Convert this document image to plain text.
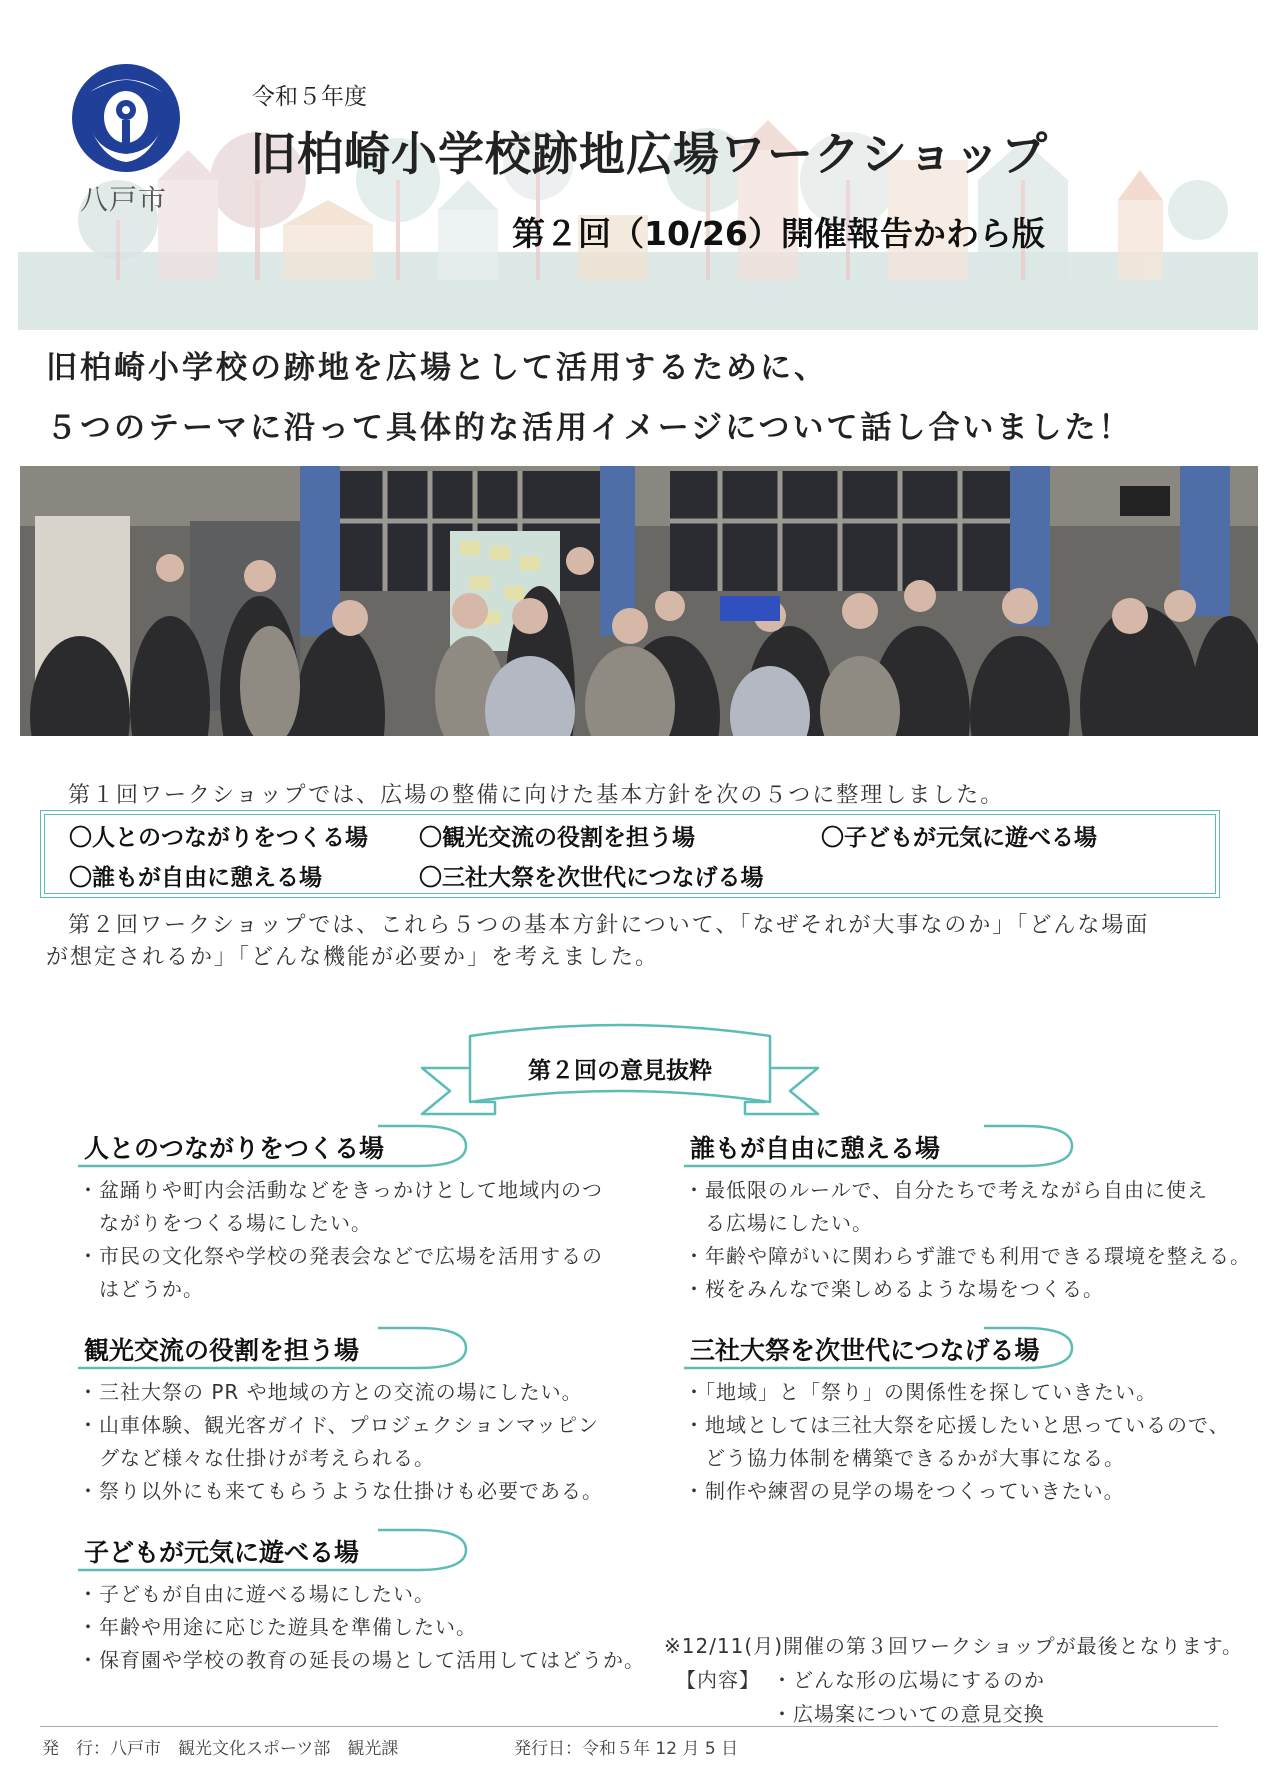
八戸市
令和５年度
旧柏崎小学校跡地広場ワークショップ
第２回（10/26）開催報告かわら版
旧柏崎小学校の跡地を広場として活用するために、
５つのテーマに沿って具体的な活用イメージについて話し合いました！
第１回ワークショップでは、広場の整備に向けた基本方針を次の５つに整理しました。
〇人とのつながりをつくる場 〇観光交流の役割を担う場	〇子どもが元気に遊べる場
〇誰もが自由に憩える場	〇三社大祭を次世代につなげる場
第２回ワークショップでは、これら５つの基本方針について、「なぜそれが大事なのか」「どんな場面
が想定されるか」「どんな機能が必要か」を考えました。
第２回の意見抜粋
人とのつながりをつくる場
・盆踊りや町内会活動などをきっかけとして地域内のつ
　ながりをつくる場にしたい。
・市民の文化祭や学校の発表会などで広場を活用するの
　はどうか。
観光交流の役割を担う場
・三社大祭の PR や地域の方との交流の場にしたい。
・山車体験、観光客ガイド、プロジェクションマッピン
　グなど様々な仕掛けが考えられる。
・祭り以外にも来てもらうような仕掛けも必要である。
子どもが元気に遊べる場
・子どもが自由に遊べる場にしたい。
・年齢や用途に応じた遊具を準備したい。
・保育園や学校の教育の延長の場として活用してはどうか。
誰もが自由に憩える場
・最低限のルールで、自分たちで考えながら自由に使え
　る広場にしたい。
・年齢や障がいに関わらず誰でも利用できる環境を整える。
・桜をみんなで楽しめるような場をつくる。
三社大祭を次世代につなげる場
・「地域」と「祭り」の関係性を探していきたい。
・地域としては三社大祭を応援したいと思っているので、
　どう協力体制を構築できるかが大事になる。
・制作や練習の見学の場をつくっていきたい。
※12/11(月)開催の第３回ワークショップが最後となります。
【内容】 ・どんな形の広場にするのか
・広場案についての意見交換
発　行：八戸市　観光文化スポーツ部　観光課	発行日：令和５年 12 月 5 日
